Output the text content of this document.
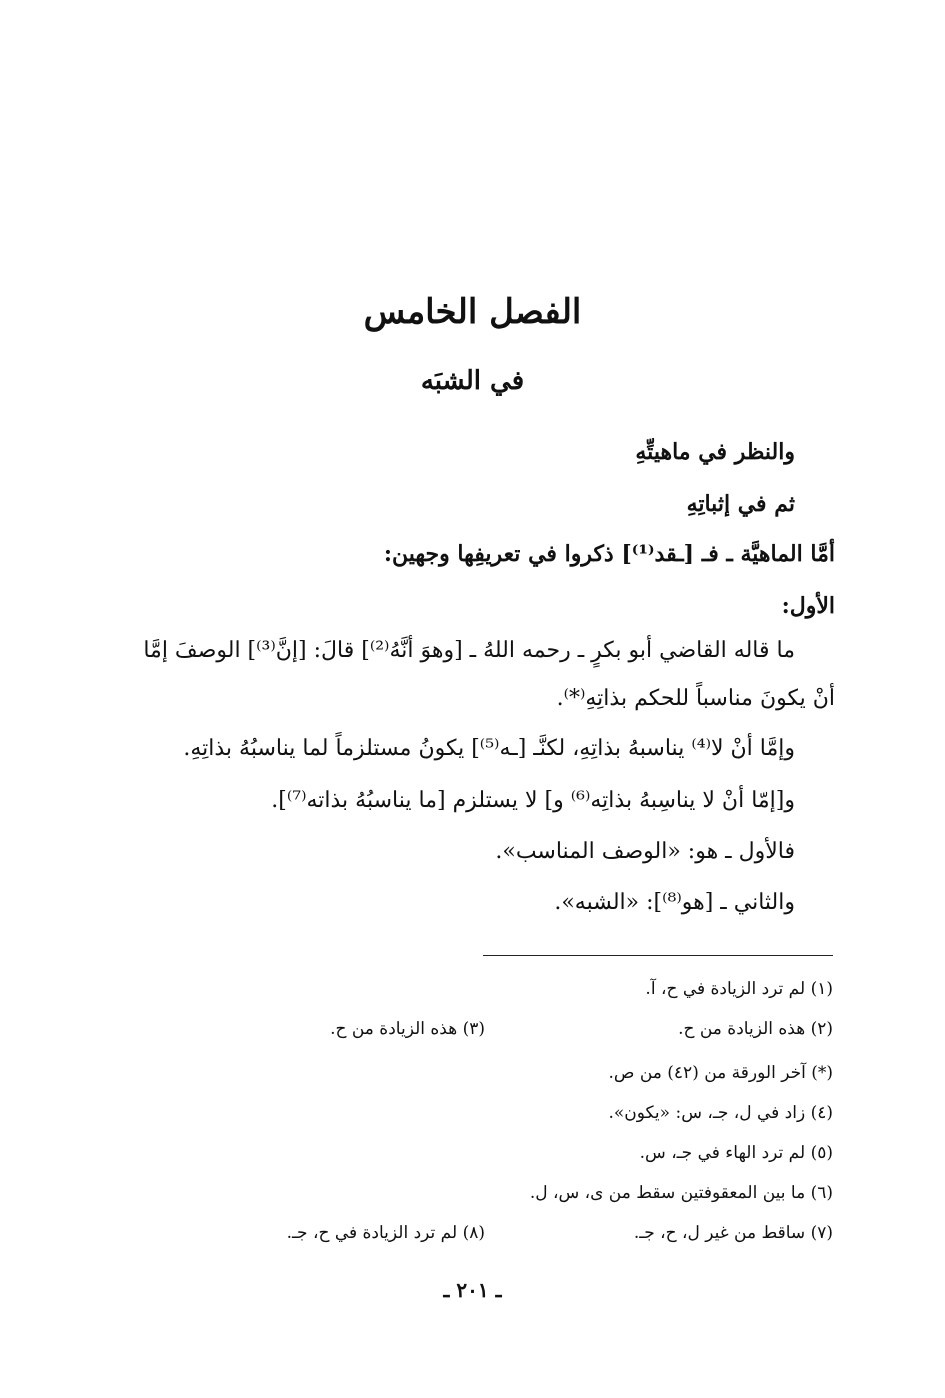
الفصل الخامس
في الشبَه
والنظر في ماهيتِّهِ
ثم في إثباتِهِ
أمَّا الماهيَّة ـ فـ [ـقد⁽¹⁾] ذكروا في تعريفِها وجهين:
الأول:
ما قاله القاضي أبو بكرٍ ـ رحمه اللهُ ـ [وهوَ أنَّهُ⁽²⁾] قالَ: [إنَّ⁽³⁾] الوصفَ إمَّا
أنْ يكونَ مناسباً للحكم بذاتِهِ⁽*⁾.
وإمَّا أنْ لا⁽⁴⁾ يناسبهُ بذاتِهِ، لكنَّـ [ـه⁽⁵⁾] يكونُ مستلزماً لما يناسبُهُ بذاتِهِ.
و[إمّا أنْ لا يناسِبهُ بذاتِه⁽⁶⁾ و] لا يستلزم [ما يناسبُهُ بذاته⁽⁷⁾].
فالأول ـ هو: «الوصف المناسب».
والثاني ـ [هو⁽⁸⁾]: «الشبه».
(١) لم ترد الزيادة في ح، آ.
(٢) هذه الزيادة من ح.
(٣) هذه الزيادة من ح.
(*) آخر الورقة من (٤٢) من ص.
(٤) زاد في ل، جـ، س: «يكون».
(٥) لم ترد الهاء في جـ، س.
(٦) ما بين المعقوفتين سقط من ى، س، ل.
(٧) ساقط من غير ل، ح، جـ.
(٨) لم ترد الزيادة في ح، جـ.
ـ ٢٠١ ـ
